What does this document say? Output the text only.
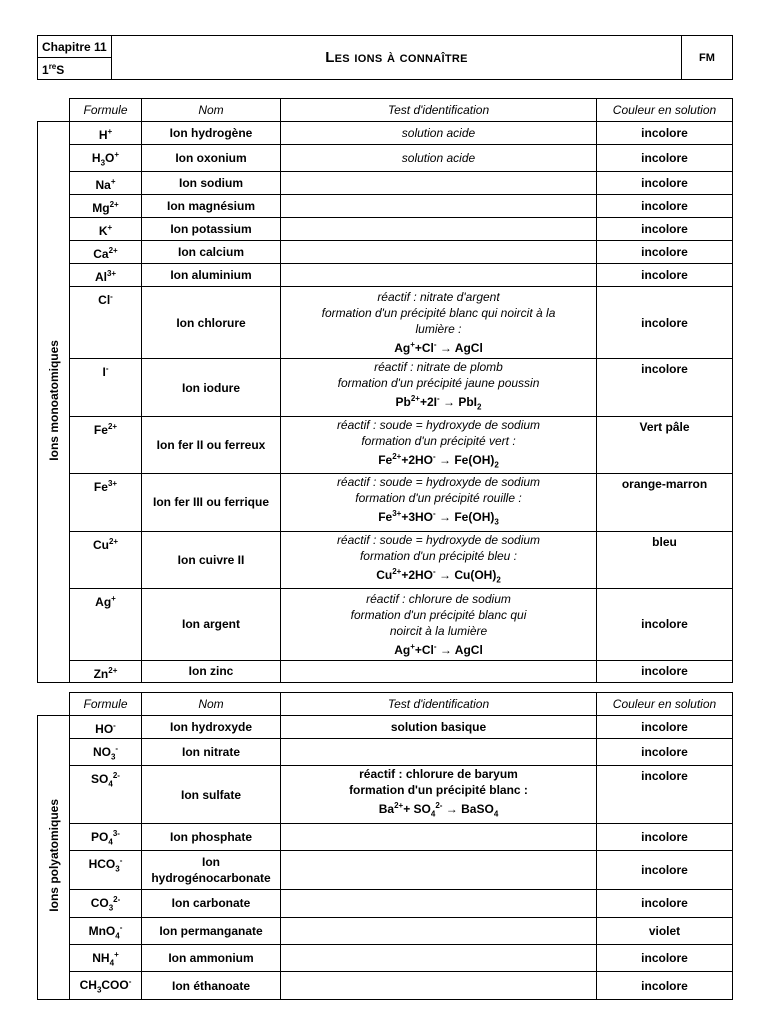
Chapitre 11	Les ions à connaître	FM
1reS
	Formule	Nom	Test d'identification	Couleur en solution
Ions monoatomiques	H+	Ion hydrogène	solution acide	incolore
	$H_3O^+$	Ion oxonium	solution acide	incolore
	Na+	Ion sodium		incolore
	$Mg^{2+}$	Ion magnésium		incolore
	K+	Ion potassium		incolore
	$Ca^{2+}$	Ion calcium		incolore
	$Al^{3+}$	Ion aluminium		incolore
	Cl-	Ion chlorure	réactif : nitrate d'argent
formation d'un précipité blanc qui noircit à la
lumière :
Ag++Cl- → AgCl	incolore
	I-	Ion iodure	réactif : nitrate de plomb
formation d'un précipité jaune poussin
$Pb^{2+}+2I^- \to PbI_2$	incolore
	$Fe^{2+}$	Ion fer II ou ferreux	réactif : soude = hydroxyde de sodium
formation d'un précipité vert :
$Fe^{2+}+2HO^- \to Fe(OH)_2$	Vert pâle
	$Fe^{3+}$	Ion fer III ou ferrique	réactif : soude = hydroxyde de sodium
formation d'un précipité rouille :
$Fe^{3+}+3HO^- \to Fe(OH)_3$	orange-marron
	$Cu^{2+}$	Ion cuivre II	réactif : soude = hydroxyde de sodium
formation d'un précipité bleu :
$Cu^{2+}+2HO^- \to Cu(OH)_2$	bleu
	Ag+	Ion argent	réactif : chlorure de sodium
formation d'un précipité blanc qui
noircit à la lumière
Ag++Cl- → AgCl	incolore
	$Zn^{2+}$	Ion zinc		incolore
	Formule	Nom	Test d'identification	Couleur en solution
Ions polyatomiques	HO-	Ion hydroxyde	solution basique	incolore
	$NO_3^-$	Ion nitrate		incolore
	$SO_4^{2-}$	Ion sulfate	réactif : chlorure de baryum
formation d'un précipité blanc :
$Ba^{2+}+ SO_4^{2-}$ → BaSO$_4$	incolore
	$PO_4^{3-}$	Ion phosphate		incolore
	$HCO_3^-$	Ion
hydrogénocarbonate		incolore
	$CO_3^{2-}$	Ion carbonate		incolore
	MnO$_4$-	Ion permanganate		violet
	$NH_4^+$	Ion ammonium		incolore
	$CH_3COO^-$	Ion éthanoate		incolore
